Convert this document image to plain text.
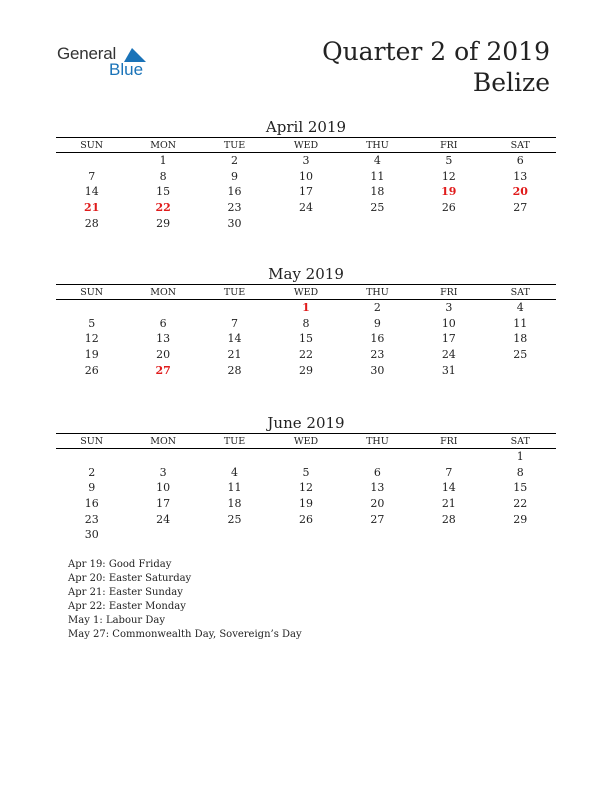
General
Blue
Quarter 2 of 2019
Belize
April 2019
SUN	MON	TUE	WED	THU	FRI	SAT
	1	2	3	4	5	6
7	8	9	10	11	12	13
14	15	16	17	18	19	20
21	22	23	24	25	26	27
28	29	30				
May 2019
SUN	MON	TUE	WED	THU	FRI	SAT
			1	2	3	4
5	6	7	8	9	10	11
12	13	14	15	16	17	18
19	20	21	22	23	24	25
26	27	28	29	30	31	
June 2019
SUN	MON	TUE	WED	THU	FRI	SAT
						1
2	3	4	5	6	7	8
9	10	11	12	13	14	15
16	17	18	19	20	21	22
23	24	25	26	27	28	29
30						
Apr 19: Good Friday
Apr 20: Easter Saturday
Apr 21: Easter Sunday
Apr 22: Easter Monday
May 1: Labour Day
May 27: Commonwealth Day, Sovereign’s Day
